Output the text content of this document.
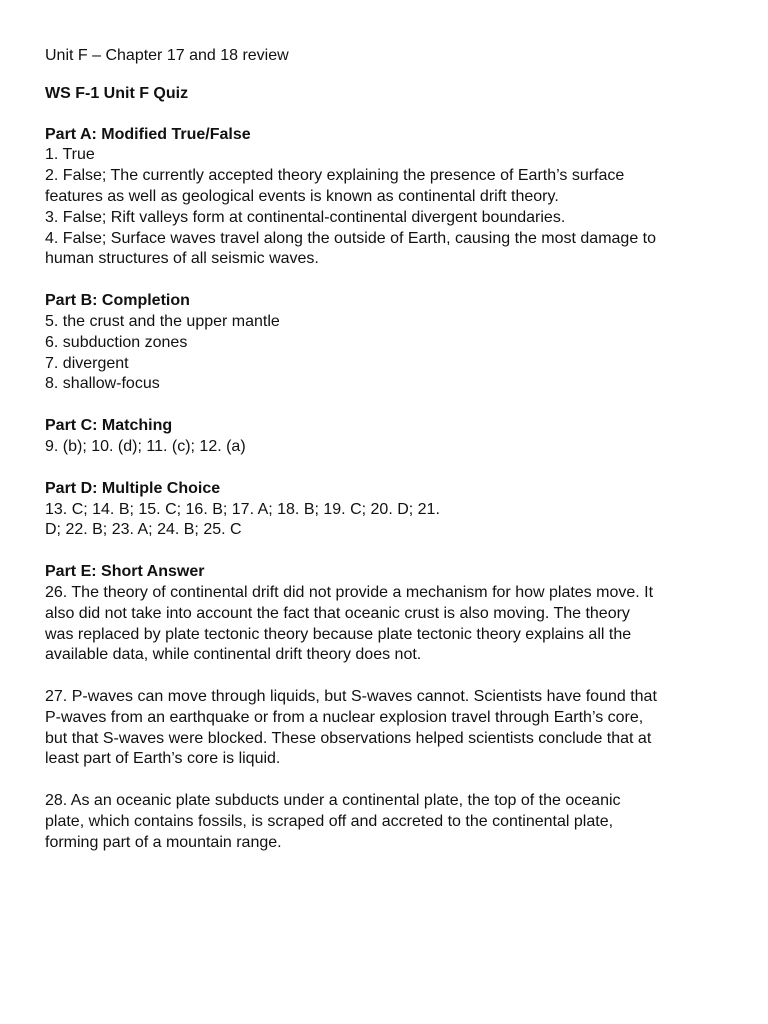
Unit F – Chapter 17 and 18 review

WS F-1 Unit F Quiz

Part A: Modified True/False

1. True

2. False; The currently accepted theory explaining the presence of Earth’s surface

features as well as geological events is known as continental drift theory.

3. False; Rift valleys form at continental-continental divergent boundaries.

4. False; Surface waves travel along the outside of Earth, causing the most damage to

human structures of all seismic waves.

Part B: Completion

5. the crust and the upper mantle

6. subduction zones

7. divergent

8. shallow-focus

Part C: Matching

9. (b); 10. (d); 11. (c); 12. (a)

Part D: Multiple Choice

13. C; 14. B; 15. C; 16. B; 17. A; 18. B; 19. C; 20. D; 21.

D; 22. B; 23. A; 24. B; 25. C

Part E: Short Answer

26. The theory of continental drift did not provide a mechanism for how plates move. It

also did not take into account the fact that oceanic crust is also moving. The theory

was replaced by plate tectonic theory because plate tectonic theory explains all the

available data, while continental drift theory does not.

27. P-waves can move through liquids, but S-waves cannot. Scientists have found that

P-waves from an earthquake or from a nuclear explosion travel through Earth’s core,

but that S-waves were blocked. These observations helped scientists conclude that at

least part of Earth’s core is liquid.

28. As an oceanic plate subducts under a continental plate, the top of the oceanic

plate, which contains fossils, is scraped off and accreted to the continental plate,

forming part of a mountain range.
